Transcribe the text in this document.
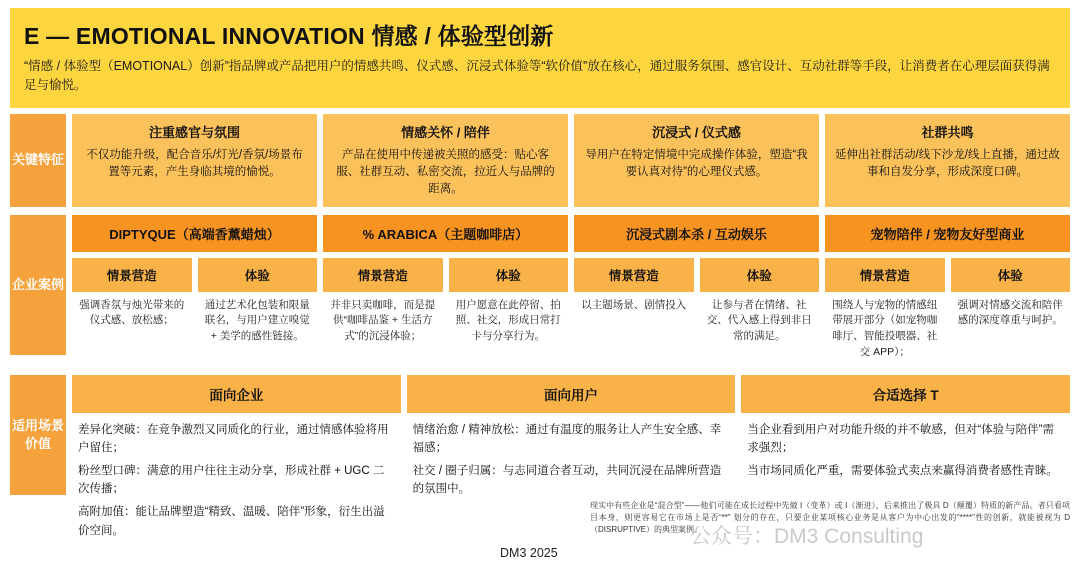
E — EMOTIONAL INNOVATION 情感 / 体验型创新

“情感 / 体验型（EMOTIONAL）创新”指品牌或产品把用户的情感共鸣、仪式感、沉浸式体验等“软价值”放在核心，通过服务氛围、感官设计、互动社群等手段，让消费者在心理层面获得满足与愉悦。

关键特征
注重感官与氛围
不仅功能升级，配合音乐/灯光/香氛/场景布置等元素，产生身临其境的愉悦。
情感关怀 / 陪伴
产品在使用中传递被关照的感受：贴心客服、社群互动、私密交流，拉近人与品牌的距离。
沉浸式 / 仪式感
导用户在特定情境中完成操作体验，塑造“我要认真对待”的心理仪式感。
社群共鸣
延伸出社群活动/线下沙龙/线上直播，通过故事和自发分享，形成深度口碑。
企业案例
DIPTYQUE（高端香薰蜡烛）
情景营造
强调香氛与烛光带来的仪式感、放松感；
体验
通过艺术化包装和限量联名，与用户建立嗅觉 + 美学的感性链接。
% ARABICA（主题咖啡店）
情景营造
并非只卖咖啡，而是提供“咖啡品鉴 + 生活方式”的沉浸体验；
体验
用户愿意在此停留、拍照、社交，形成日常打卡与分享行为。
沉浸式剧本杀 / 互动娱乐
情景营造
以主题场景、剧情投入
体验
让参与者在情绪、社交、代入感上得到非日常的满足。
宠物陪伴 / 宠物友好型商业
情景营造
围绕人与宠物的情感纽带展开部分（如宠物咖啡厅、智能投喂器、社交 APP）；
体验
强调对情感交流和陪伴感的深度尊重与呵护。
适用场景价值
面向企业

差异化突破：在竞争激烈又同质化的行业，通过情感体验将用户留住；

粉丝型口碑：满意的用户往往主动分享，形成社群 + UGC 二次传播；

高附加值：能让品牌塑造“精致、温暖、陪伴”形象，衍生出溢价空间。

面向用户

情绪治愈 / 精神放松：通过有温度的服务让人产生安全感、幸福感；

社交 / 圈子归属：与志同道合者互动，共同沉浸在品牌所营造的氛围中。

合适选择 T

当企业看到用户对功能升级的并不敏感，但对“体验与陪伴”需求强烈；

当市场同质化严重，需要体验式卖点来赢得消费者感性青睐。

现实中有些企业是“混合型”——他们可能在成长过程中先做 I（变革）或 I（渐进），后来推出了极具 D（颠覆）特质的新产品。者只看项目本身，则更容易它在市场上是否“**” 划分的存在，只要企业某项核心业务是从客户为中心出发的“****”性的创新，就能被视为 D（DISRUPTIVE）的典型案例。
DM3 2025
公众号：DM3 Consulting
